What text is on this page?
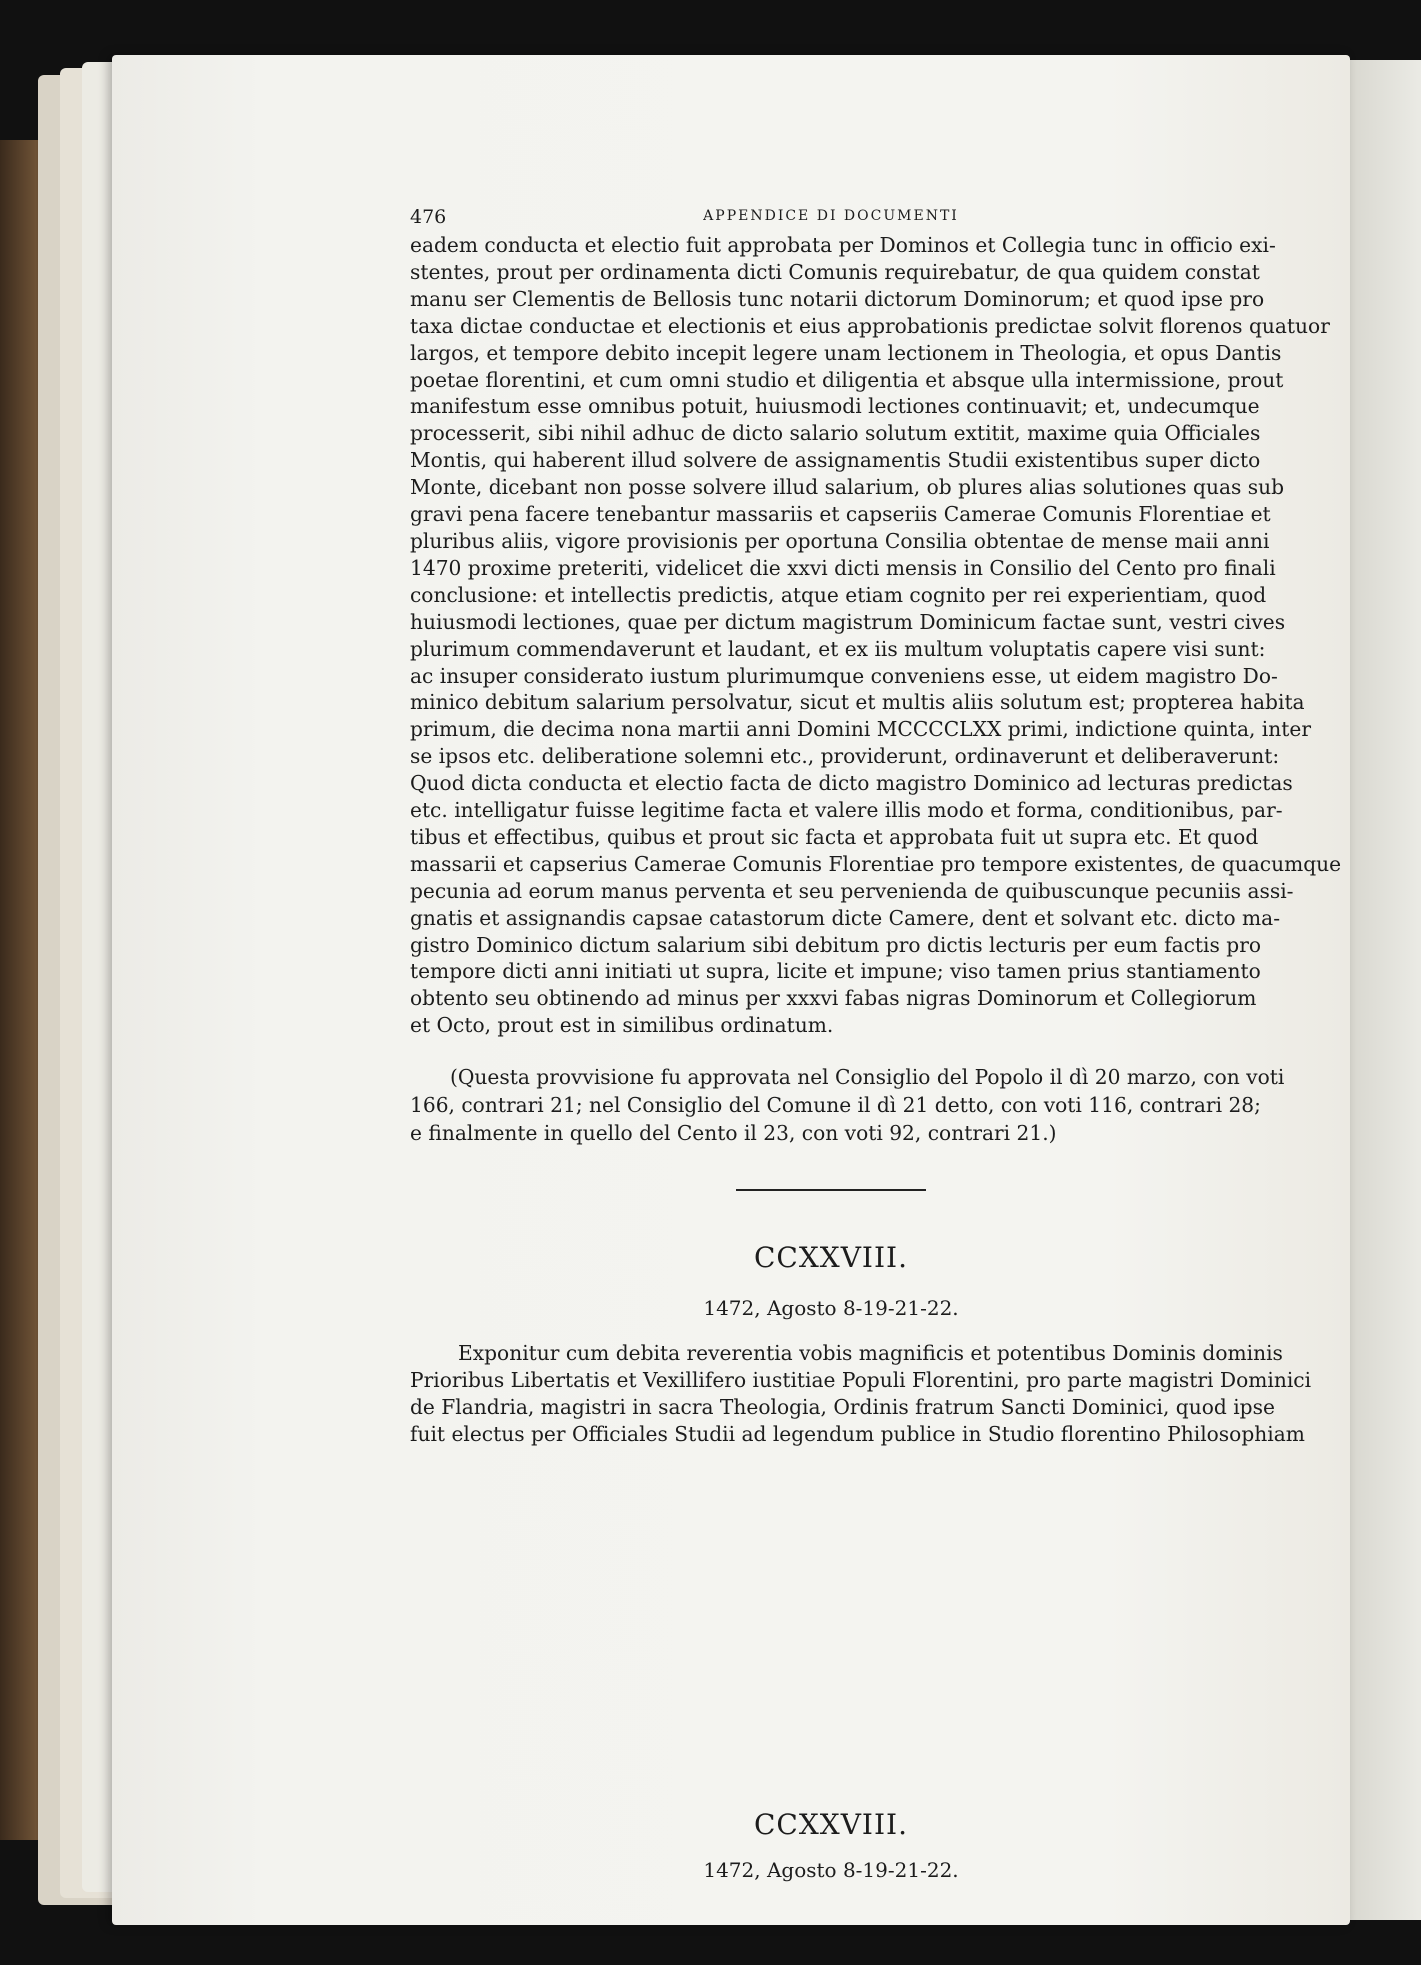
476	APPENDICE DI DOCUMENTI
eadem conducta et electio fuit approbata per Dominos et Collegia tunc in officio exi-
stentes, prout per ordinamenta dicti Comunis requirebatur, de qua quidem constat
manu ser Clementis de Bellosis tunc notarii dictorum Dominorum; et quod ipse pro
taxa dictae conductae et electionis et eius approbationis predictae solvit florenos quatuor
largos, et tempore debito incepit legere unam lectionem in Theologia, et opus Dantis
poetae florentini, et cum omni studio et diligentia et absque ulla intermissione, prout
manifestum esse omnibus potuit, huiusmodi lectiones continuavit; et, undecumque
processerit, sibi nihil adhuc de dicto salario solutum extitit, maxime quia Officiales
Montis, qui haberent illud solvere de assignamentis Studii existentibus super dicto
Monte, dicebant non posse solvere illud salarium, ob plures alias solutiones quas sub
gravi pena facere tenebantur massariis et capseriis Camerae Comunis Florentiae et
pluribus aliis, vigore provisionis per oportuna Consilia obtentae de mense maii anni
1470 proxime preteriti, videlicet die xxvi dicti mensis in Consilio del Cento pro finali
conclusione: et intellectis predictis, atque etiam cognito per rei experientiam, quod
huiusmodi lectiones, quae per dictum magistrum Dominicum factae sunt, vestri cives
plurimum commendaverunt et laudant, et ex iis multum voluptatis capere visi sunt:
ac insuper considerato iustum plurimumque conveniens esse, ut eidem magistro Do-
minico debitum salarium persolvatur, sicut et multis aliis solutum est; propterea habita
primum, die decima nona martii anni Domini MCCCCLXX primi, indictione quinta, inter
se ipsos etc. deliberatione solemni etc., providerunt, ordinaverunt et deliberaverunt:
Quod dicta conducta et electio facta de dicto magistro Dominico ad lecturas predictas
etc. intelligatur fuisse legitime facta et valere illis modo et forma, conditionibus, par-
tibus et effectibus, quibus et prout sic facta et approbata fuit ut supra etc. Et quod
massarii et capserius Camerae Comunis Florentiae pro tempore existentes, de quacumque
pecunia ad eorum manus perventa et seu pervenienda de quibuscunque pecuniis assi-
gnatis et assignandis capsae catastorum dicte Camere, dent et solvant etc. dicto ma-
gistro Dominico dictum salarium sibi debitum pro dictis lecturis per eum factis pro
tempore dicti anni initiati ut supra, licite et impune; viso tamen prius stantiamento
obtento seu obtinendo ad minus per xxxvi fabas nigras Dominorum et Collegiorum
et Octo, prout est in similibus ordinatum.
(Questa provvisione fu approvata nel Consiglio del Popolo il dì 20 marzo, con voti
166, contrari 21; nel Consiglio del Comune il dì 21 detto, con voti 116, contrari 28;
e finalmente in quello del Cento il 23, con voti 92, contrari 21.)
CCXXVIII.
1472, Agosto 8-19-21-22.
Exponitur cum debita reverentia vobis magnificis et potentibus Dominis dominis
Prioribus Libertatis et Vexillifero iustitiae Populi Florentini, pro parte magistri Dominici
de Flandria, magistri in sacra Theologia, Ordinis fratrum Sancti Dominici, quod ipse
fuit electus per Officiales Studii ad legendum publice in Studio florentino Philosophiam
CCXXVIII.
1472, Agosto 8-19-21-22.
